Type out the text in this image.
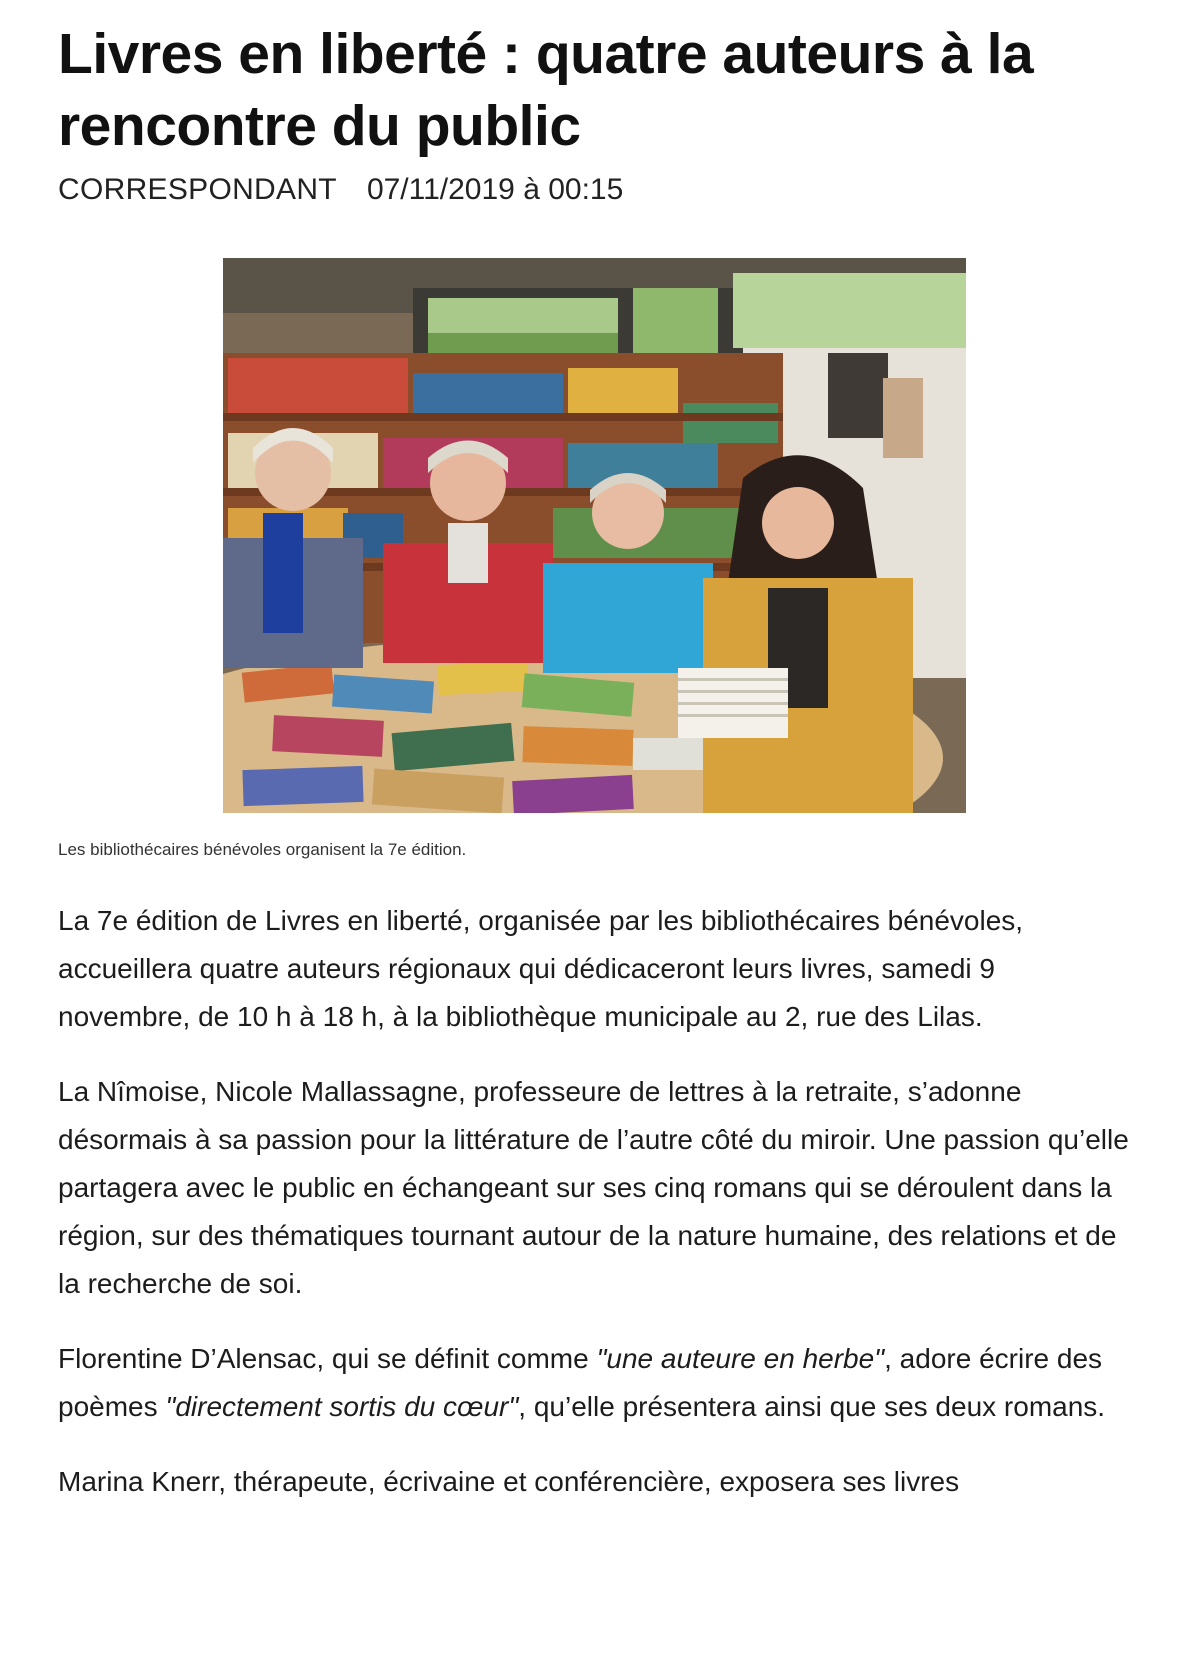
Livres en liberté : quatre auteurs à la rencontre du public
CORRESPONDANT 07/11/2019 à 00:15
Les bibliothécaires bénévoles organisent la 7e édition.

La 7e édition de Livres en liberté, organisée par les bibliothécaires bénévoles, accueillera quatre auteurs régionaux qui dédicaceront leurs livres, samedi 9 novembre, de 10 h à 18 h, à la bibliothèque municipale au 2, rue des Lilas.

La Nîmoise, Nicole Mallassagne, professeure de lettres à la retraite, s’adonne désormais à sa passion pour la littérature de l’autre côté du miroir. Une passion qu’elle partagera avec le public en échangeant sur ses cinq romans qui se déroulent dans la région, sur des thématiques tournant autour de la nature humaine, des relations et de la recherche de soi.

Florentine D’Alensac, qui se définit comme "une auteure en herbe", adore écrire des poèmes "directement sortis du cœur", qu’elle présentera ainsi que ses deux romans.

Marina Knerr, thérapeute, écrivaine et conférencière, exposera ses livres
